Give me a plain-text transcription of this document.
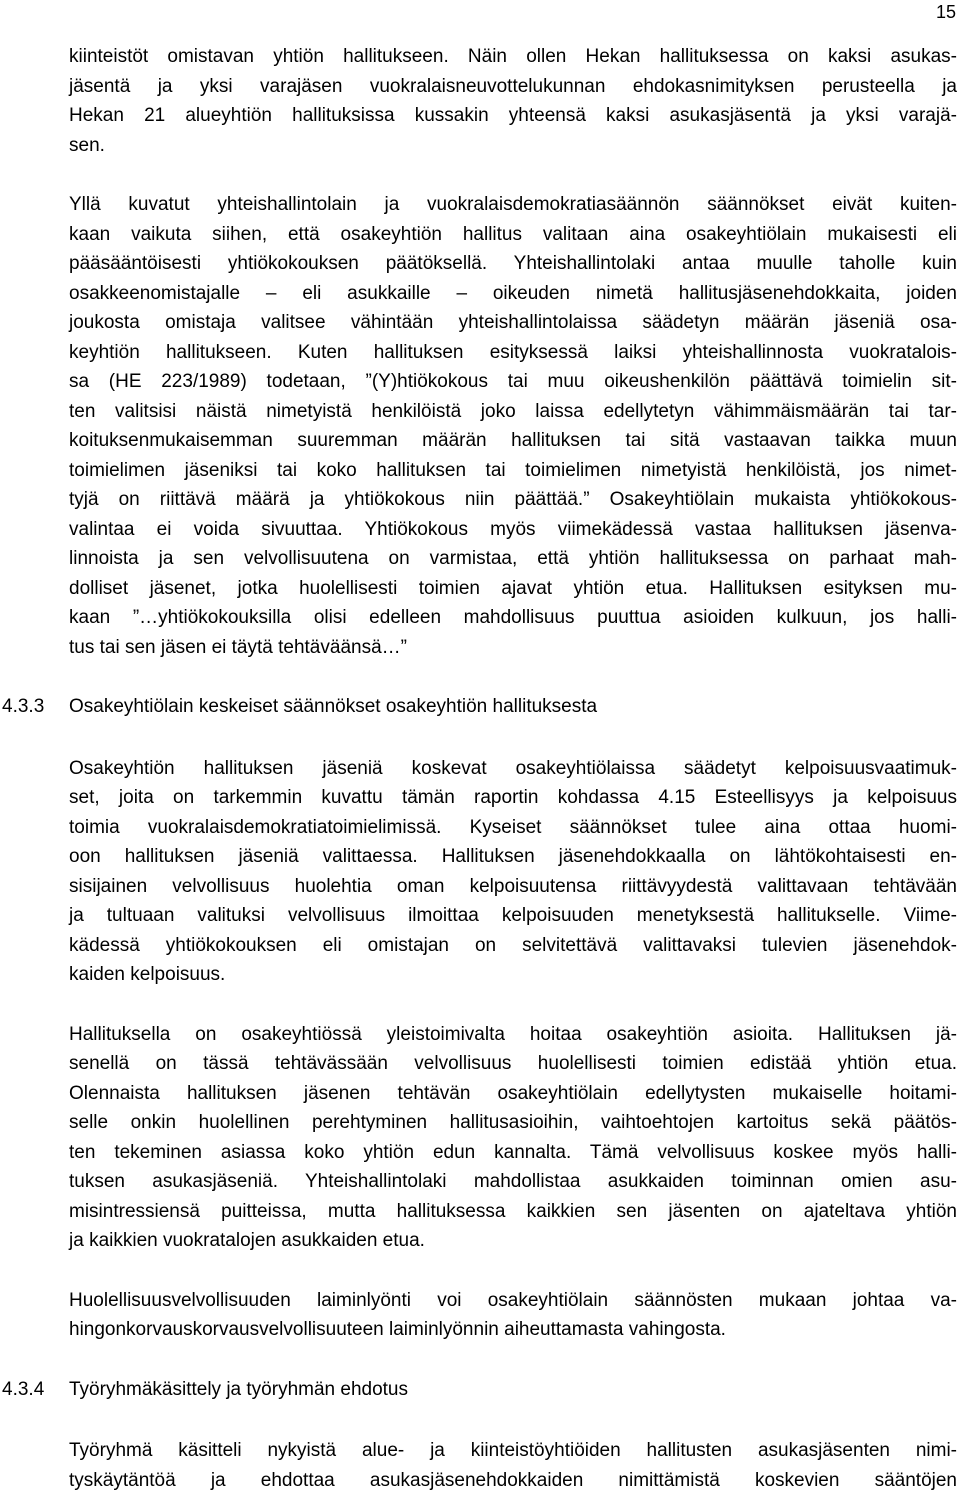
15
kiinteistöt omistavan yhtiön hallitukseen. Näin ollen Hekan hallituksessa on kaksi asukas-
jäsentä ja yksi varajäsen vuokralaisneuvottelukunnan ehdokasnimityksen perusteella ja
Hekan 21 alueyhtiön hallituksissa kussakin yhteensä kaksi asukasjäsentä ja yksi varajä-
sen.
Yllä kuvatut yhteishallintolain ja vuokralaisdemokratiasäännön säännökset eivät kuiten-
kaan vaikuta siihen, että osakeyhtiön hallitus valitaan aina osakeyhtiölain mukaisesti eli
pääsääntöisesti yhtiökokouksen päätöksellä. Yhteishallintolaki antaa muulle taholle kuin
osakkeenomistajalle – eli asukkaille – oikeuden nimetä hallitusjäsenehdokkaita, joiden
joukosta omistaja valitsee vähintään yhteishallintolaissa säädetyn määrän jäseniä osa-
keyhtiön hallitukseen. Kuten hallituksen esityksessä laiksi yhteishallinnosta vuokratalois-
sa (HE 223/1989) todetaan, ”(Y)htiökokous tai muu oikeushenkilön päättävä toimielin sit-
ten valitsisi näistä nimetyistä henkilöistä joko laissa edellytetyn vähimmäismäärän tai tar-
koituksenmukaisemman suuremman määrän hallituksen tai sitä vastaavan taikka muun
toimielimen jäseniksi tai koko hallituksen tai toimielimen nimetyistä henkilöistä, jos nimet-
tyjä on riittävä määrä ja yhtiökokous niin päättää.” Osakeyhtiölain mukaista yhtiökokous-
valintaa ei voida sivuuttaa. Yhtiökokous myös viimekädessä vastaa hallituksen jäsenva-
linnoista ja sen velvollisuutena on varmistaa, että yhtiön hallituksessa on parhaat mah-
dolliset jäsenet, jotka huolellisesti toimien ajavat yhtiön etua. Hallituksen esityksen mu-
kaan ”…yhtiökokouksilla olisi edelleen mahdollisuus puuttua asioiden kulkuun, jos halli-
tus tai sen jäsen ei täytä tehtäväänsä…”
4.3.3 Osakeyhtiölain keskeiset säännökset osakeyhtiön hallituksesta
Osakeyhtiön hallituksen jäseniä koskevat osakeyhtiölaissa säädetyt kelpoisuusvaatimuk-
set, joita on tarkemmin kuvattu tämän raportin kohdassa 4.15 Esteellisyys ja kelpoisuus
toimia vuokralaisdemokratiatoimielimissä. Kyseiset säännökset tulee aina ottaa huomi-
oon hallituksen jäseniä valittaessa. Hallituksen jäsenehdokkaalla on lähtökohtaisesti en-
sisijainen velvollisuus huolehtia oman kelpoisuutensa riittävyydestä valittavaan tehtävään
ja tultuaan valituksi velvollisuus ilmoittaa kelpoisuuden menetyksestä hallitukselle. Viime-
kädessä yhtiökokouksen eli omistajan on selvitettävä valittavaksi tulevien jäsenehdok-
kaiden kelpoisuus.
Hallituksella on osakeyhtiössä yleistoimivalta hoitaa osakeyhtiön asioita. Hallituksen jä-
senellä on tässä tehtävässään velvollisuus huolellisesti toimien edistää yhtiön etua.
Olennaista hallituksen jäsenen tehtävän osakeyhtiölain edellytysten mukaiselle hoitami-
selle onkin huolellinen perehtyminen hallitusasioihin, vaihtoehtojen kartoitus sekä päätös-
ten tekeminen asiassa koko yhtiön edun kannalta. Tämä velvollisuus koskee myös halli-
tuksen asukasjäseniä. Yhteishallintolaki mahdollistaa asukkaiden toiminnan omien asu-
misintressiensä puitteissa, mutta hallituksessa kaikkien sen jäsenten on ajateltava yhtiön
ja kaikkien vuokratalojen asukkaiden etua.
Huolellisuusvelvollisuuden laiminlyönti voi osakeyhtiölain säännösten mukaan johtaa va-
hingonkorvauskorvausvelvollisuuteen laiminlyönnin aiheuttamasta vahingosta.
4.3.4 Työryhmäkäsittely ja työryhmän ehdotus
Työryhmä käsitteli nykyistä alue- ja kiinteistöyhtiöiden hallitusten asukasjäsenten nimi-
tyskäytäntöä ja ehdottaa asukasjäsenehdokkaiden nimittämistä koskevien sääntöjen
